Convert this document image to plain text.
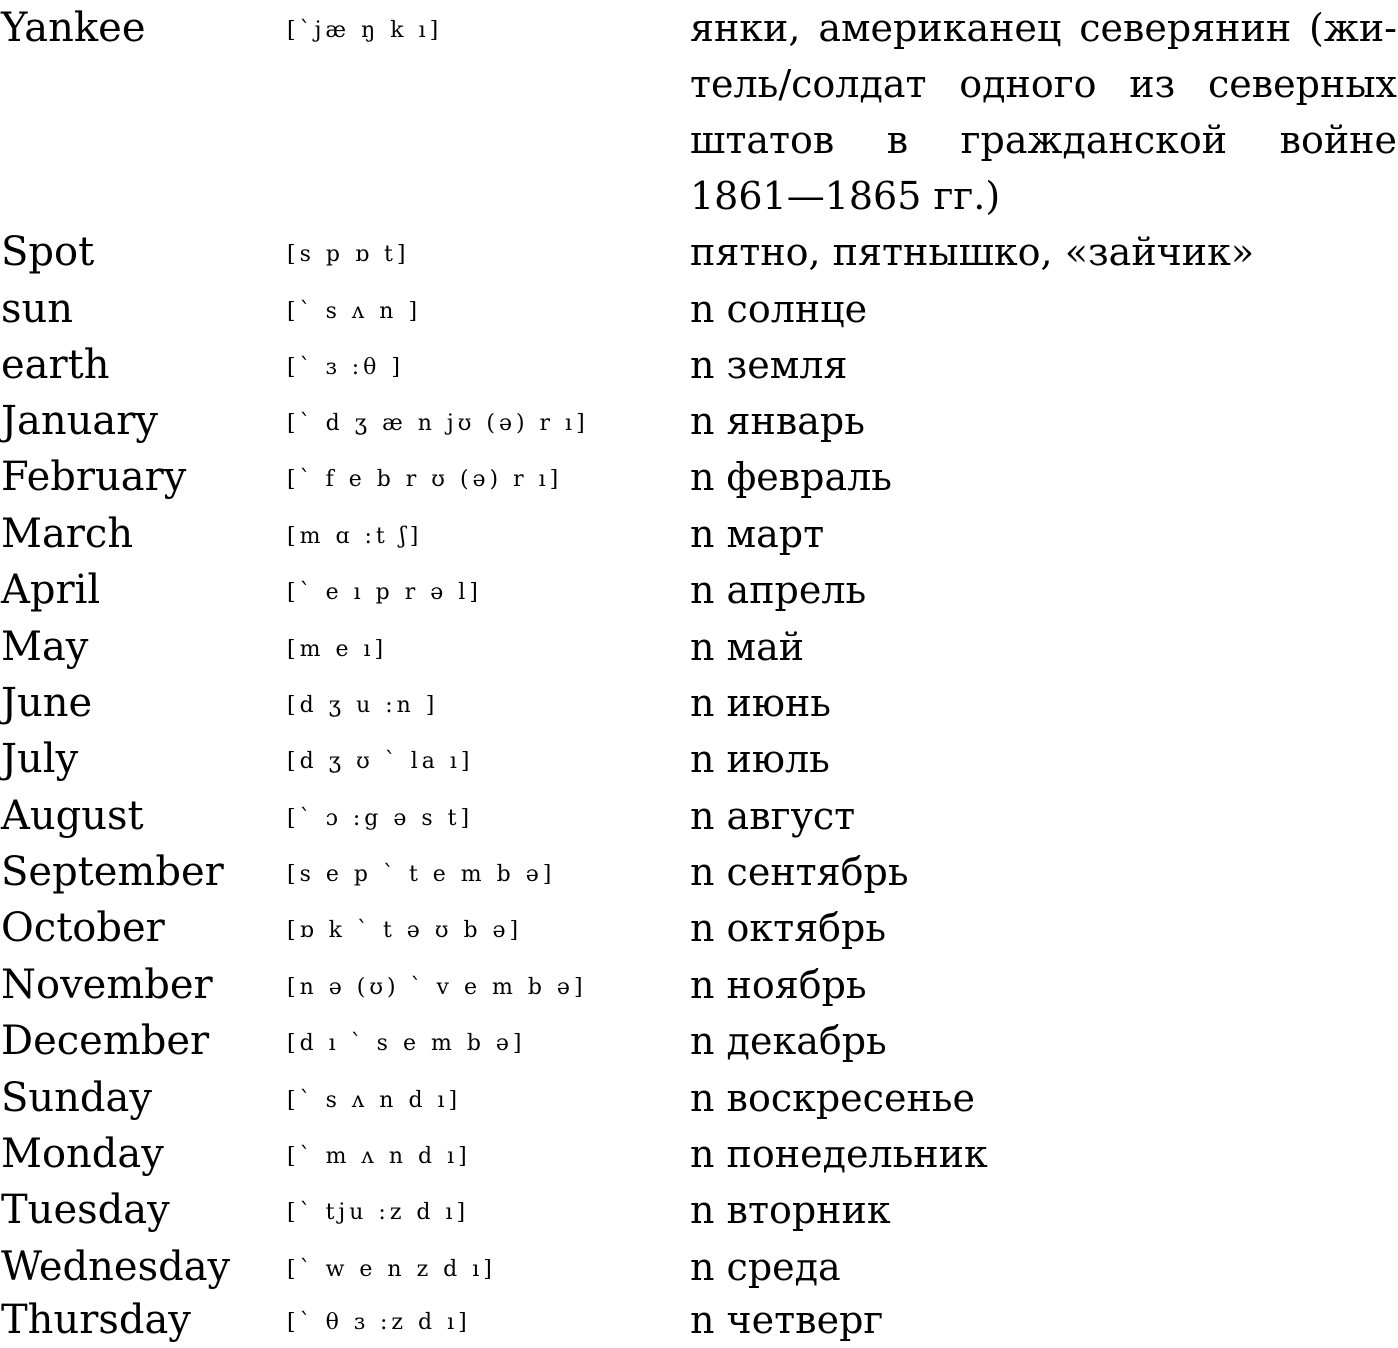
Yankee	[`jæ ŋ k ı]	янки, американец северянин (жи-
тель/солдат одного из северных
штатов в гражданской войне
1861—1865 гг.)
Spot	[s p ɒ t]	пятно, пятнышко, «зайчик»
sun	[` s ʌ n ]	n солнце
earth	[` ɜ :θ ]	n земля
January	[` d ʒ æ n jʊ (ə) r ı]	n январь
February	[` f e b r ʊ (ə) r ı]	n февраль
March	[m ɑ :t ʃ]	n март
April	[` e ı p r ə l]	n апрель
May	[m e ı]	n май
June	[d ʒ u :n ]	n июнь
July	[d ʒ ʊ ` la ı]	n июль
August	[` ɔ :g ə s t]	n август
September	[s e p ` t e m b ə]	n сентябрь
October	[ɒ k ` t ə ʊ b ə]	n октябрь
November	[n ə (ʊ) ` v e m b ə]	n ноябрь
December	[d ı ` s e m b ə]	n декабрь
Sunday	[` s ʌ n d ı]	n воскресенье
Monday	[` m ʌ n d ı]	n понедельник
Tuesday	[` tju :z d ı]	n вторник
Wednesday	[` w e n z d ı]	n среда
Thursday	[` θ ɜ :z d ı]	n четверг
